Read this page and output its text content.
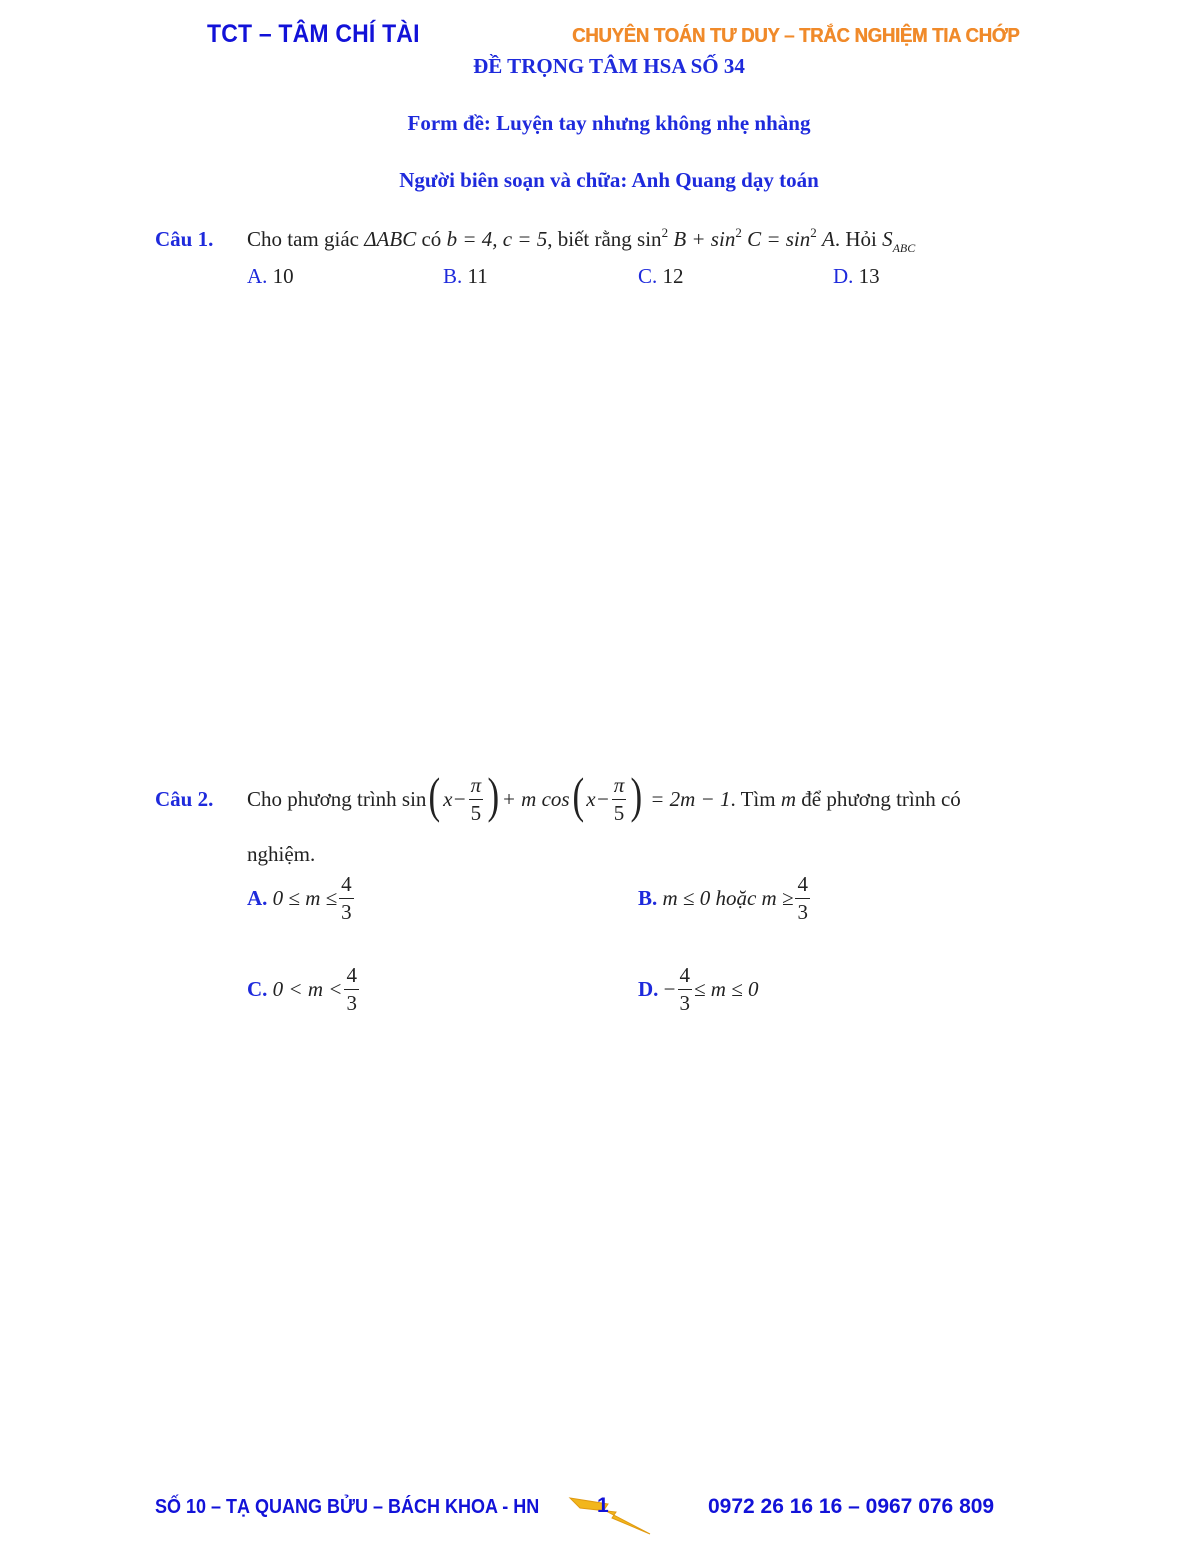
TCT – TÂM CHÍ TÀI	CHUYÊN TOÁN TƯ DUY – TRẮC NGHIỆM TIA CHỚP
ĐỀ TRỌNG TÂM HSA SỐ 34
Form đề: Luyện tay nhưng không nhẹ nhàng
Người biên soạn và chữa: Anh Quang dạy toán
Câu 1. Cho tam giác ΔABC có b = 4, c = 5, biết rằng $\sin^2 B + \sin^2 C = \sin^2 A$. Hỏi $S_{ABC}$
A. 10	B. 11	C. 12	D. 13
Câu 2. Cho phương trình
sin ( $x- \frac{\pi}{5}$ ) + m cos ( $x- \frac{\pi}{5}$ )
= 2m − 1 . Tìm
m
để phương trình có
nghiệm.
A.
$0 \le m \le \frac{4}{3}$	B.
m ≤ 0 hoặc $m \ge \frac{4}{3}$
C.
$0 < m < \frac{4}{3}$	D.
− $\frac{4}{3} \le m \le 0$
SỐ 10 – TẠ QUANG BỬU – BÁCH KHOA - HN	1	0972 26 16 16 – 0967 076 809
